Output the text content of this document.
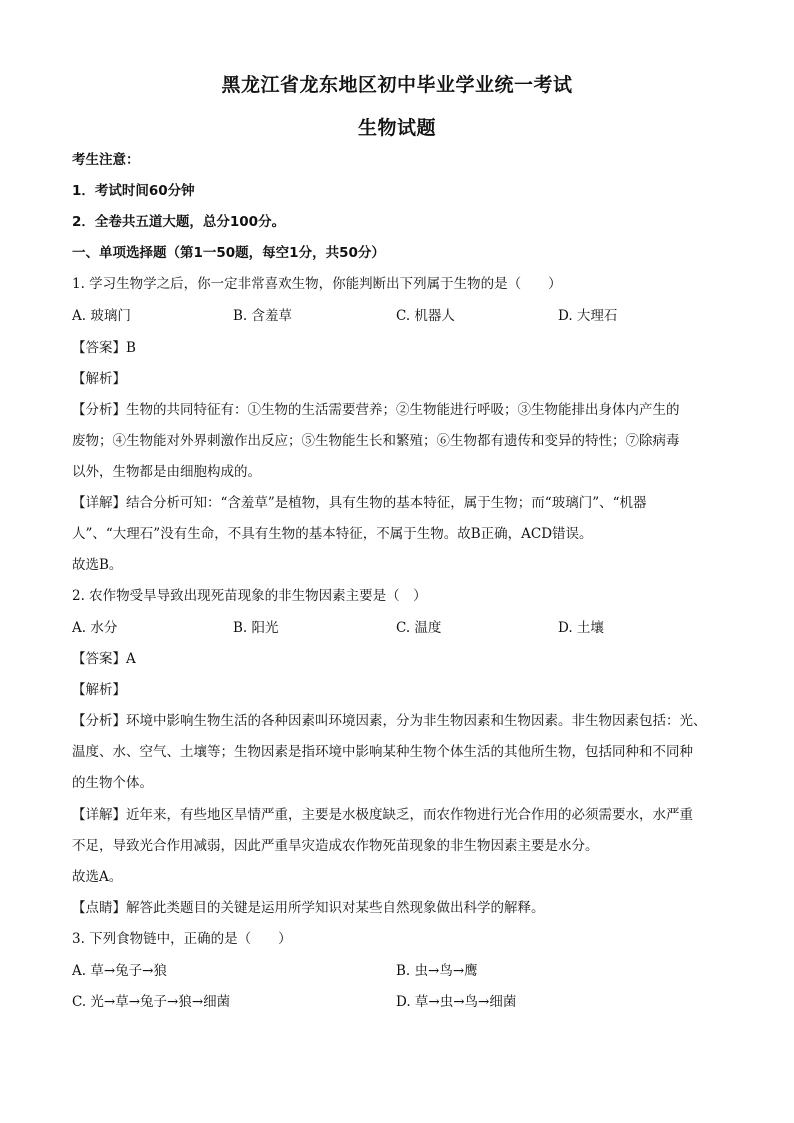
黑龙江省龙东地区初中毕业学业统一考试
生物试题
考生注意：
1．考试时间60分钟
2．全卷共五道大题，总分100分。
一、单项选择题（第1一50题，每空1分，共50分）
1. 学习生物学之后，你一定非常喜欢生物，你能判断出下列属于生物的是（　　）
A. 玻璃门	B. 含羞草	C. 机器人	D. 大理石
【答案】B
【解析】
【分析】生物的共同特征有：①生物的生活需要营养；②生物能进行呼吸；③生物能排出身体内产生的
废物；④生物能对外界刺激作出反应；⑤生物能生长和繁殖；⑥生物都有遗传和变异的特性；⑦除病毒
以外，生物都是由细胞构成的。
【详解】结合分析可知：“含羞草”是植物，具有生物的基本特征，属于生物；而“玻璃门”、“机器
人”、“大理石”没有生命，不具有生物的基本特征，不属于生物。故B正确，ACD错误。
故选B。
2. 农作物受旱导致出现死苗现象的非生物因素主要是（　）
A. 水分	B. 阳光	C. 温度	D. 土壤
【答案】A
【解析】
【分析】环境中影响生物生活的各种因素叫环境因素，分为非生物因素和生物因素。非生物因素包括：光、
温度、水、空气、土壤等；生物因素是指环境中影响某种生物个体生活的其他所生物，包括同种和不同种
的生物个体。
【详解】近年来，有些地区旱情严重，主要是水极度缺乏，而农作物进行光合作用的必须需要水，水严重
不足，导致光合作用减弱，因此严重旱灾造成农作物死苗现象的非生物因素主要是水分。
故选A。
【点睛】解答此类题目的关键是运用所学知识对某些自然现象做出科学的解释。
3. 下列食物链中，正确的是（　　）
A. 草→兔子→狼	B. 虫→鸟→鹰
C. 光→草→兔子→狼→细菌	D. 草→虫→鸟→细菌
